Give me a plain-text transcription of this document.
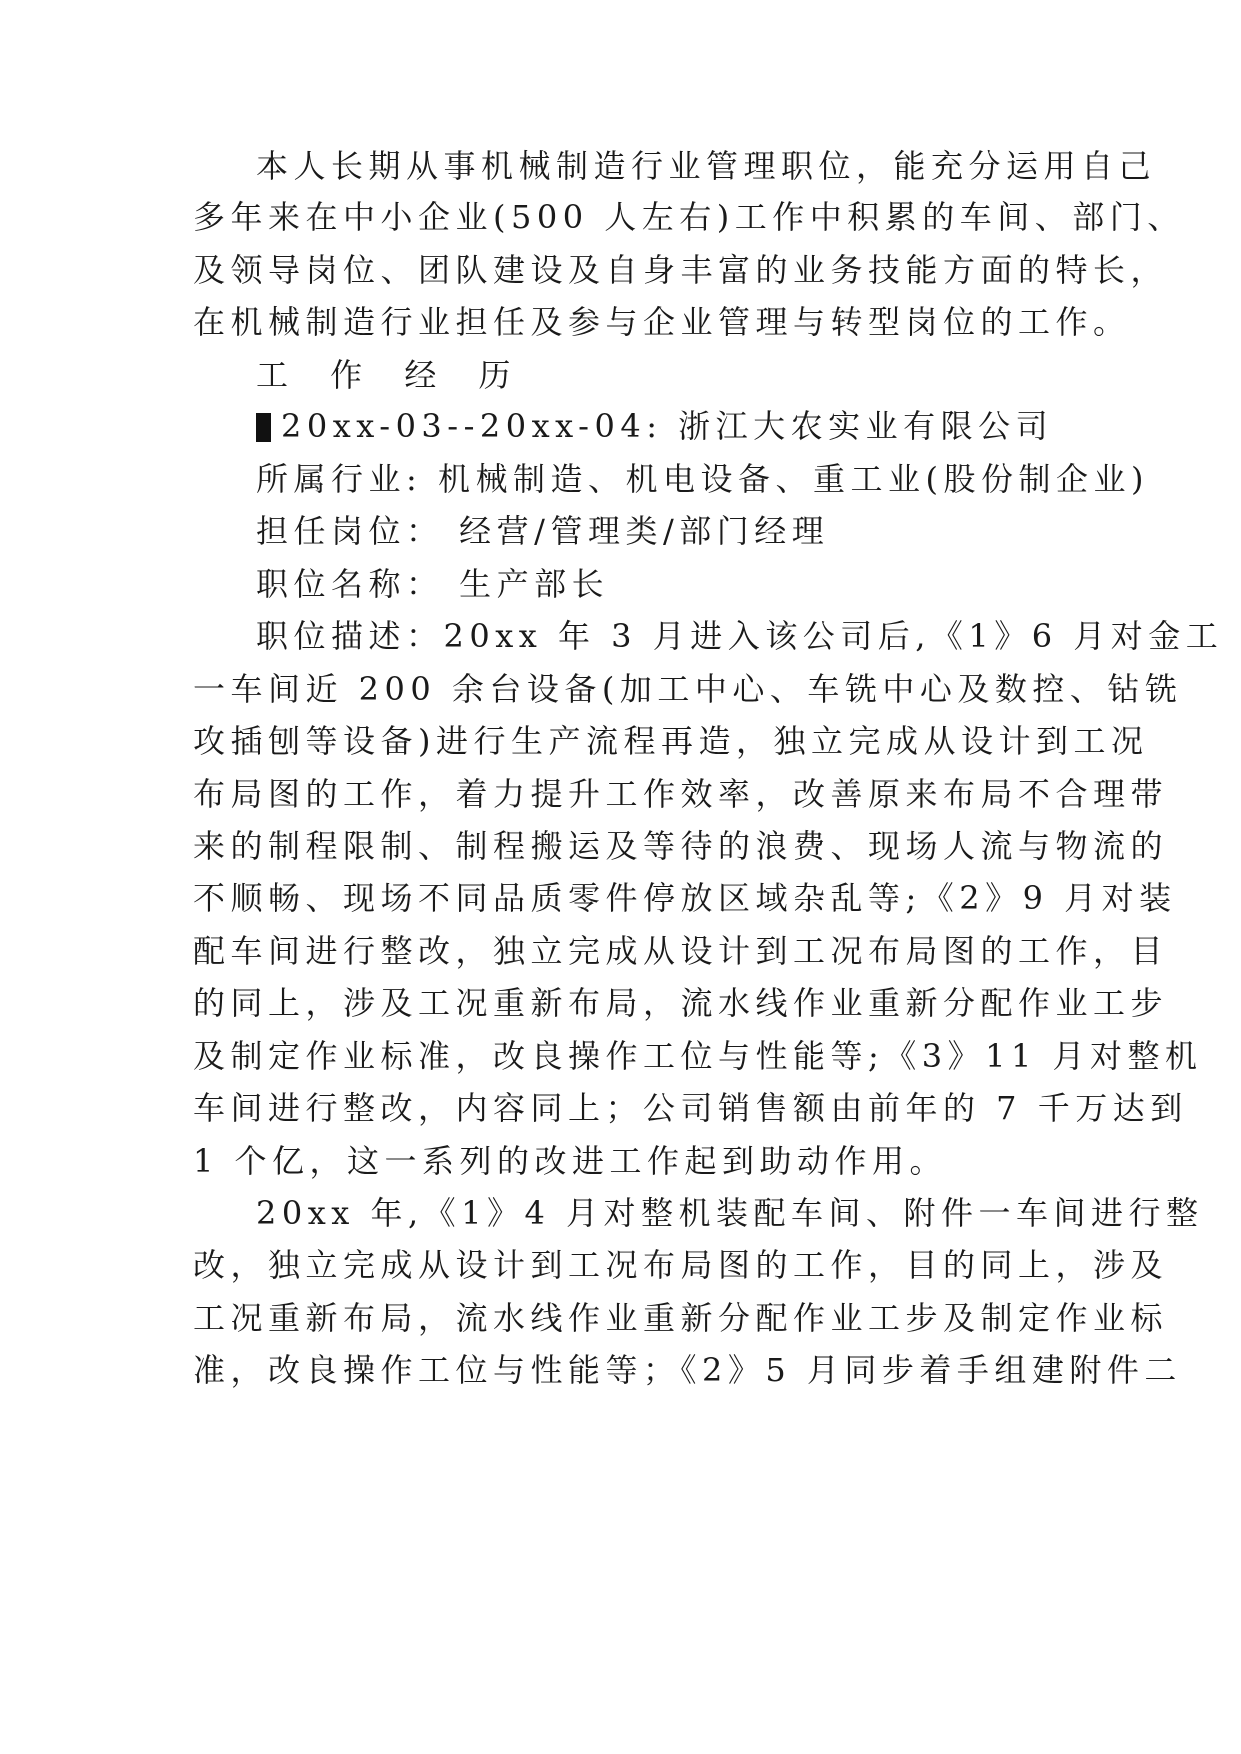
本人长期从事机械制造行业管理职位，能充分运用自己
多年来在中小企业(500 人左右)工作中积累的车间、部门、
及领导岗位、团队建设及自身丰富的业务技能方面的特长，
在机械制造行业担任及参与企业管理与转型岗位的工作。
工 作 经 历
20xx-03--20xx-04: 浙江大农实业有限公司
所属行业: 机械制造、机电设备、重工业(股份制企业)
担任岗位： 经营/管理类/部门经理
职位名称： 生产部长
职位描述：20xx 年 3 月进入该公司后,《1》6 月对金工
一车间近 200 余台设备(加工中心、车铣中心及数控、钻铣
攻插刨等设备)进行生产流程再造，独立完成从设计到工况
布局图的工作，着力提升工作效率，改善原来布局不合理带
来的制程限制、制程搬运及等待的浪费、现场人流与物流的
不顺畅、现场不同品质零件停放区域杂乱等;《2》9 月对装
配车间进行整改，独立完成从设计到工况布局图的工作，目
的同上，涉及工况重新布局，流水线作业重新分配作业工步
及制定作业标准，改良操作工位与性能等;《3》11 月对整机
车间进行整改，内容同上；公司销售额由前年的 7 千万达到
1 个亿，这一系列的改进工作起到助动作用。
20xx 年,《1》4 月对整机装配车间、附件一车间进行整
改，独立完成从设计到工况布局图的工作，目的同上，涉及
工况重新布局，流水线作业重新分配作业工步及制定作业标
准，改良操作工位与性能等；《2》5 月同步着手组建附件二
